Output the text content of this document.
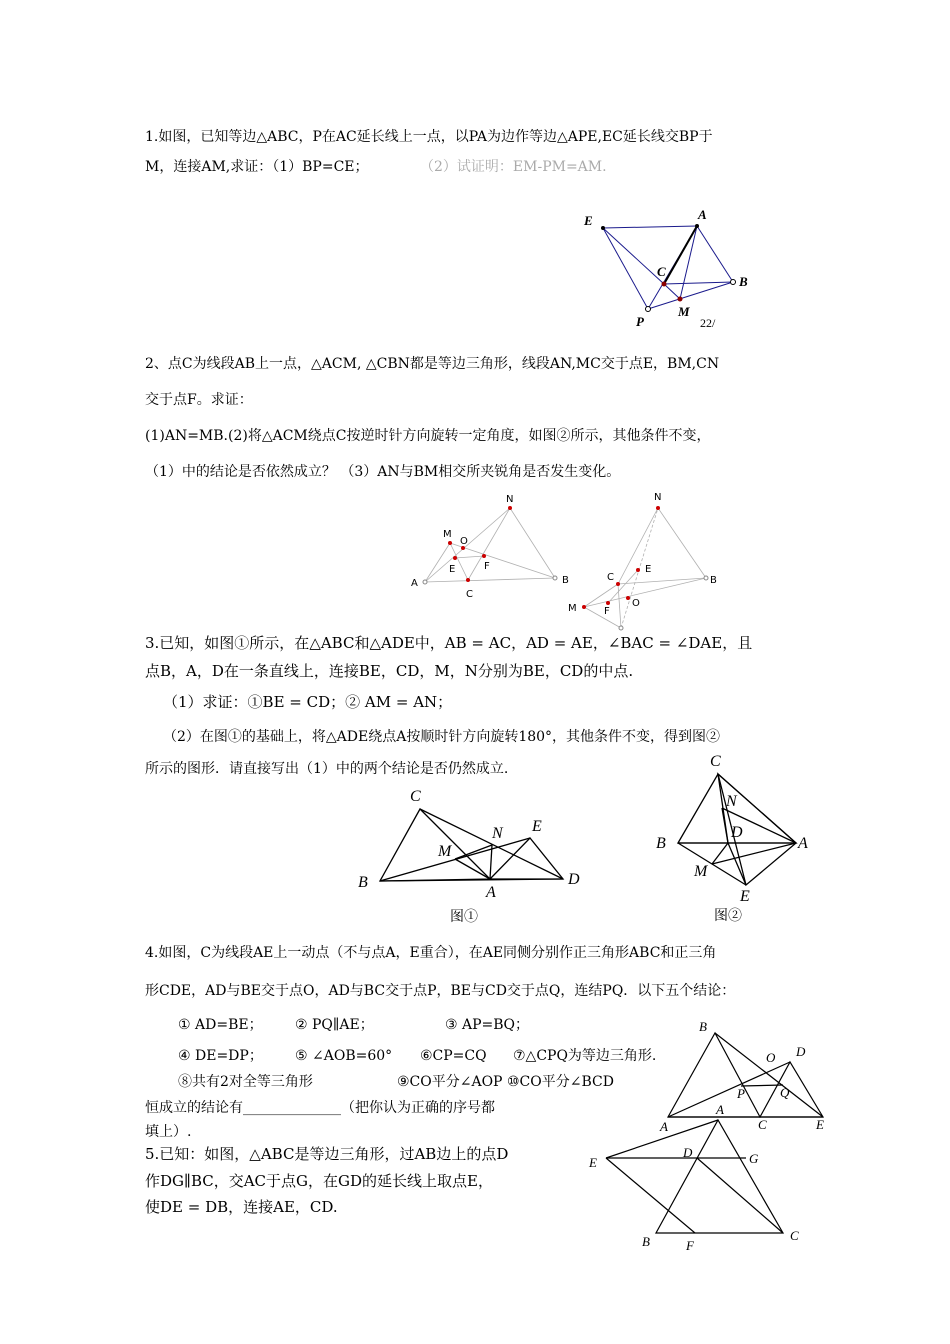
1.如图，已知等边△ABC，P在AC延长线上一点，以PA为边作等边△APE,EC延长线交BP于
M，连接AM,求证：（1）BP=CE；	（2）试证明：EM-PM=AM.
E	A
C
B
P
M
22/
2、点C为线段AB上一点，△ACM, △CBN都是等边三角形，线段AN,MC交于点E，BM,CN
交于点F。求证：
(1)AN=MB.(2)将△ACM绕点C按逆时针方向旋转一定角度，如图②所示，其他条件不变，
（1）中的结论是否依然成立？ （3）AN与BM相交所夹锐角是否发生变化。
N
M
O
E	F
A
C
B
N
C
E
B
M	F
O
3.已知，如图①所示，在△ABC和△ADE中，AB = AC，AD = AE，∠BAC = ∠DAE，且
点B，A，D在一条直线上，连接BE，CD，M，N分别为BE，CD的中点.
（1）求证：①BE = CD；② AM = AN；
（2）在图①的基础上，将△ADE绕点A按顺时针方向旋转180°，其他条件不变，得到图②
所示的图形．请直接写出（1）中的两个结论是否仍然成立.
C
N E
M
B
A
D
图①
C
N
D
B	A
M
E
图②
4.如图，C为线段AE上一动点（不与点A，E重合），在AE同侧分别作正三角形ABC和正三角
形CDE，AD与BE交于点O，AD与BC交于点P，BE与CD交于点Q，连结PQ．以下五个结论：
① AD=BE； ② PQ∥AE；	③ AP=BQ；
④ DE=DP； ⑤ ∠AOB=60° ⑥CP=CQ ⑦△CPQ为等边三角形.
⑧共有2对全等三角形	⑨CO平分∠AOP ⑩CO平分∠BCD
恒成立的结论有______________（把你认为正确的序号都
填上）.
B
O D
P	Q
A	C	E
5.已知：如图，△ABC是等边三角形，过AB边上的点D
作DG∥BC，交AC于点G，在GD的延长线上取点E，
使DE = DB，连接AE，CD.
A
D	G
E
B	F
C
